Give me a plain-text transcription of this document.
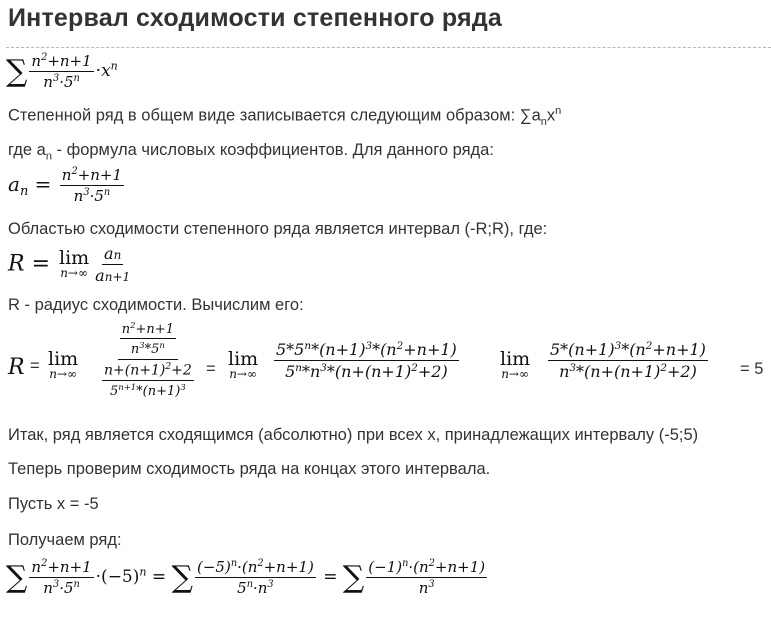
Интервал сходимости степенного ряда
∑ $\frac{n^2+n+1}{n^3\cdot 5^n} \cdot x^n$
Степенной ряд в общем виде записывается следующим образом: $\sum a_nx^n$
где $a_n$ - формула числовых коэффициентов. Для данного ряда:
$a_n = \frac{n^2+n+1}{n^3\cdot 5^n}$
Областью сходимости степенного ряда является интервал (-R;R), где:
R = lim
$n\to\infty \frac{an}{an+1}$
R - радиус сходимости. Вычислим его:
R = lim
$n\to\infty \frac{\frac{n^2+n+1}{n^3*5^n}}{\frac{n+(n+1)^2+2}{5^{n+1}*(n+1)^3}} = \lim$
$n\to\infty \frac{5*5^n*(n+1)^3*(n^2+n+1)}{5^n*n^3*(n+(n+1)^2+2)}$ lim
$n\to\infty \frac{5*(n+1)^3*(n^2+n+1)}{n^3*(n+(n+1)^2+2)} = 5$
Итак, ряд является сходящимся (абсолютно) при всех x, принадлежащих интервалу (-5;5)
Теперь проверим сходимость ряда на концах этого интервала.
Пусть x = -5
Получаем ряд:
∑ $\frac{n^2+n+1}{n^3\cdot 5^n} \cdot(-5)^n$ = ∑ $\frac{(-5)^n\cdot(n^2+n+1)}{5^n\cdot n^3}$ = ∑ $\frac{(-1)^n\cdot(n^2+n+1)}{n^3}$
